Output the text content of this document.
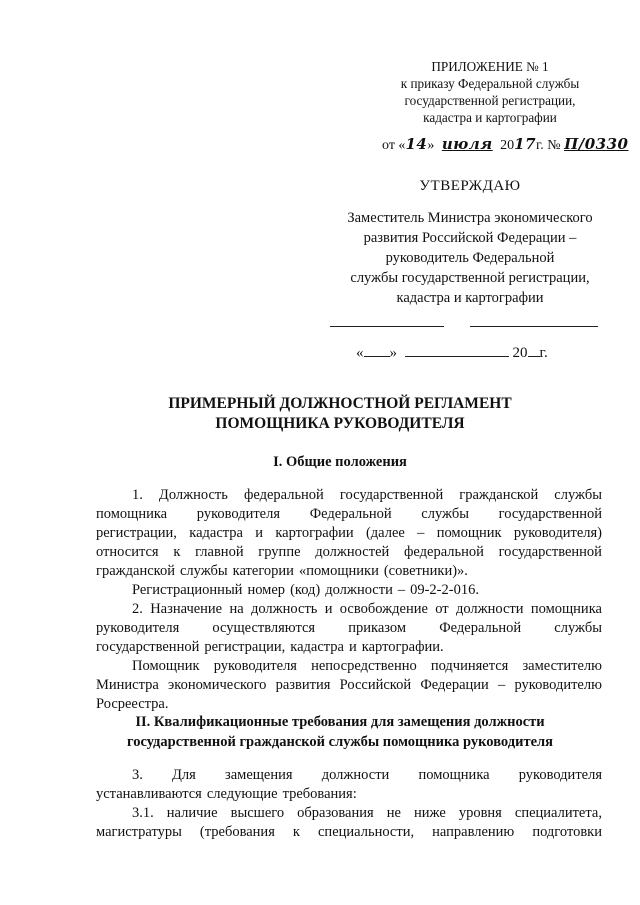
ПРИЛОЖЕНИЕ № 1
к приказу Федеральной службы
государственной регистрации,
кадастра и картографии
от «14» июля 2017г. № П/0330
УТВЕРЖДАЮ
Заместитель Министра экономического
развития Российской Федерации –
руководитель Федеральной
службы государственной регистрации,
кадастра и картографии
« »	20 г.
ПРИМЕРНЫЙ ДОЛЖНОСТНОЙ РЕГЛАМЕНТ
ПОМОЩНИКА РУКОВОДИТЕЛЯ
I. Общие положения
1. Должность федеральной государственной гражданской службы
помощника руководителя Федеральной службы государственной
регистрации, кадастра и картографии (далее – помощник руководителя)
относится к главной группе должностей федеральной государственной
гражданской службы категории «помощники (советники)».
Регистрационный номер (код) должности – 09-2-2-016.
2. Назначение на должность и освобождение от должности помощника
руководителя осуществляются приказом Федеральной службы
государственной регистрации, кадастра и картографии.
Помощник руководителя непосредственно подчиняется заместителю
Министра экономического развития Российской Федерации – руководителю
Росреестра.
II. Квалификационные требования для замещения должности
государственной гражданской службы помощника руководителя
3. Для замещения должности помощника руководителя
устанавливаются следующие требования:
3.1. наличие высшего образования не ниже уровня специалитета,
магистратуры (требования к специальности, направлению подготовки
